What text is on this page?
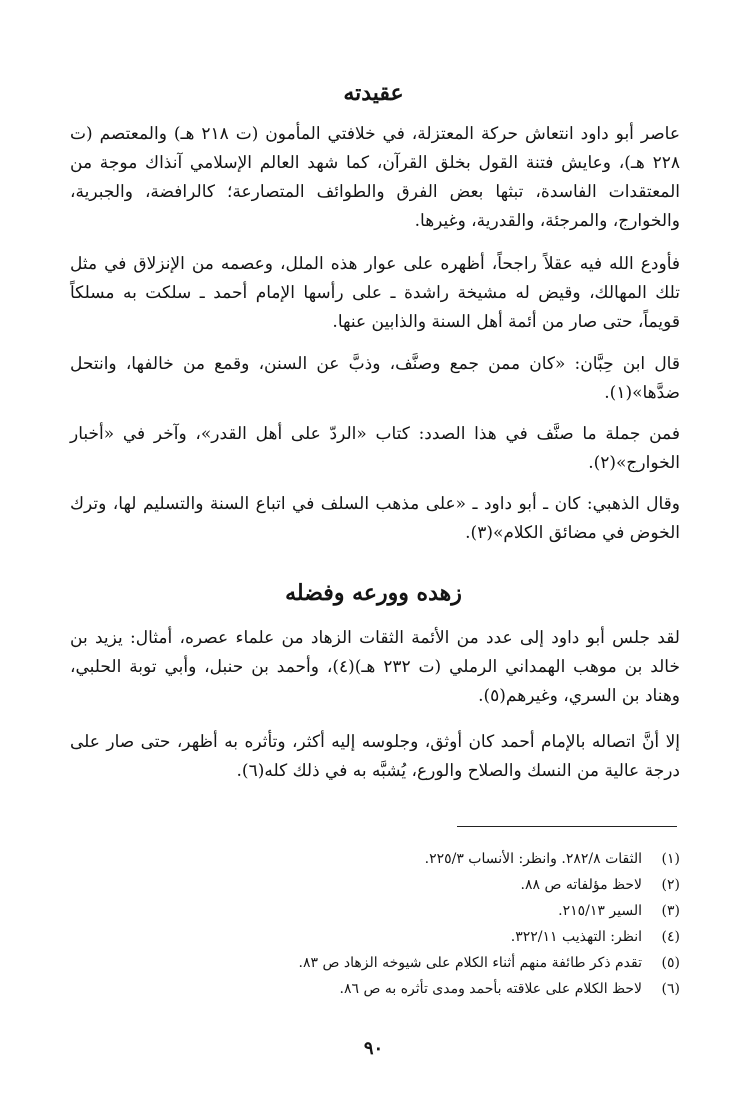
عقيدته

عاصر أبو داود انتعاش حركة المعتزلة، في خلافتي المأمون (ت ٢١٨ هـ) والمعتصم (ت ٢٢٨ هـ)، وعايش فتنة القول بخلق القرآن، كما شهد العالم الإسلامي آنذاك موجة من المعتقدات الفاسدة، تبثها بعض الفرق والطوائف المتصارعة؛ كالرافضة، والجبرية، والخوارج، والمرجئة، والقدرية، وغيرها.

فأودع الله فيه عقلاً راجحاً، أظهره على عوار هذه الملل، وعصمه من الإنزلاق في مثل تلك المهالك، وقيض له مشيخة راشدة ـ على رأسها الإمام أحمد ـ سلكت به مسلكاً قويماً، حتى صار من أئمة أهل السنة والذابين عنها.

قال ابن حِبَّان: «كان ممن جمع وصنَّف، وذبَّ عن السنن، وقمع من خالفها، وانتحل ضدَّها»(١).

فمن جملة ما صنَّف في هذا الصدد: كتاب «الردّ على أهل القدر»، وآخر في «أخبار الخوارج»(٢).

وقال الذهبي: كان ـ أبو داود ـ «على مذهب السلف في اتباع السنة والتسليم لها، وترك الخوض في مضائق الكلام»(٣).

زهده وورعه وفضله

لقد جلس أبو داود إلى عدد من الأئمة الثقات الزهاد من علماء عصره، أمثال: يزيد بن خالد بن موهب الهمداني الرملي (ت ٢٣٢ هـ)(٤)، وأحمد بن حنبل، وأبي توبة الحلبي، وهناد بن السري، وغيرهم(٥).

إلا أنَّ اتصاله بالإمام أحمد كان أوثق، وجلوسه إليه أكثر، وتأثره به أظهر، حتى صار على درجة عالية من النسك والصلاح والورع، يُشبَّه به في ذلك كله(٦).

(١)
الثقات ٢٨٢/٨. وانظر: الأنساب ٢٢٥/٣.
(٢)
لاحظ مؤلفاته ص ٨٨.
(٣)
السير ٢١٥/١٣.
(٤)
انظر: التهذيب ٣٢٢/١١.
(٥)
تقدم ذكر طائفة منهم أثناء الكلام على شيوخه الزهاد ص ٨٣.
(٦)
لاحظ الكلام على علاقته بأحمد ومدى تأثره به ص ٨٦.
٩٠
